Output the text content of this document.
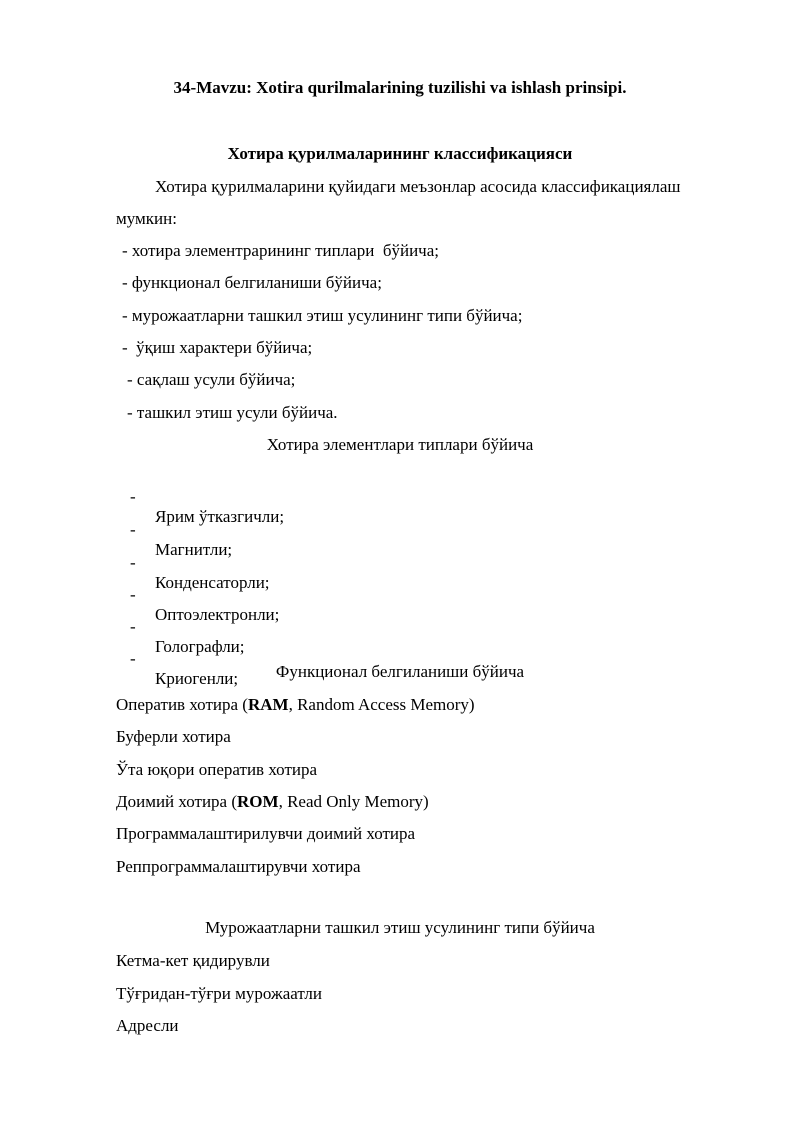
34-Mavzu: Xotira qurilmalarining tuzilishi va ishlash prinsipi.
Хотира қурилмаларининг классификацияси
Хотира қурилмаларини қуйидаги меъзонлар асосида классификациялаш
мумкин:
- хотира элементрарининг типлари  бўйича;
- функционал белгиланиши бўйича;
- мурожаатларни ташкил этиш усулининг типи бўйича;
-  ўқиш характери бўйича;
- сақлаш усули бўйича;
- ташкил этиш усули бўйича.
Хотира элементлари типлари бўйича

-

Ярим ўтказгичли;

-

Магнитли;

-

Конденсаторли;

-

Оптоэлектронли;

-

Голографли;

-

Криогенли;

	Функционал белгиланиши бўйича
Оператив хотира (RAM, Random Access Memory)
Буферли хотира
Ўта юқори оператив хотира
Доимий хотира (ROM, Read Only Memory)
Программалаштирилувчи доимий хотира
Реппрограммалаштирувчи хотира
Мурожаатларни ташкил этиш усулининг типи бўйича
Кетма-кет қидирувли
Тўғридан-тўғри мурожаатли
Адресли
